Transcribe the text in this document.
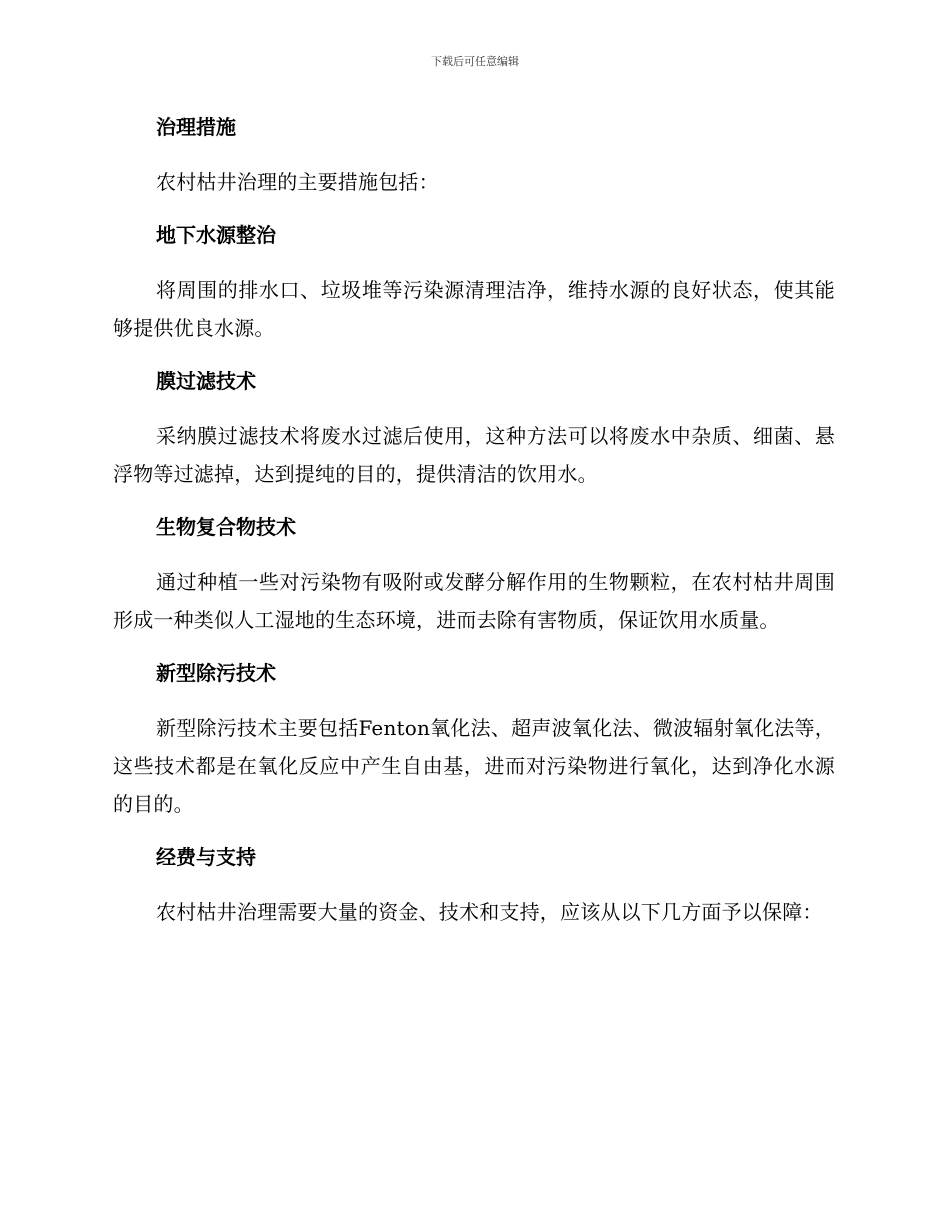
下载后可任意编辑
治理措施

农村枯井治理的主要措施包括：

地下水源整治

将周围的排水口、垃圾堆等污染源清理洁净，维持水源的良好状态，使其能够提供优良水源。

膜过滤技术

采纳膜过滤技术将废水过滤后使用，这种方法可以将废水中杂质、细菌、悬浮物等过滤掉，达到提纯的目的，提供清洁的饮用水。

生物复合物技术

通过种植一些对污染物有吸附或发酵分解作用的生物颗粒，在农村枯井周围形成一种类似人工湿地的生态环境，进而去除有害物质，保证饮用水质量。

新型除污技术

新型除污技术主要包括Fenton氧化法、超声波氧化法、微波辐射氧化法等，这些技术都是在氧化反应中产生自由基，进而对污染物进行氧化，达到净化水源的目的。

经费与支持

农村枯井治理需要大量的资金、技术和支持，应该从以下几方面予以保障：
